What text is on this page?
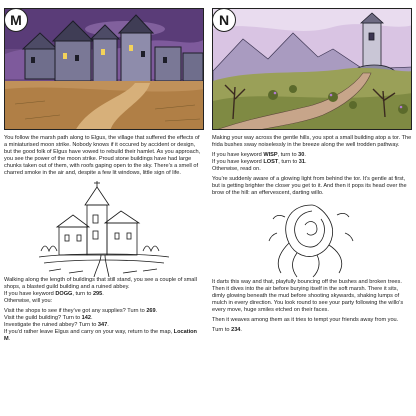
M

You follow the marsh path along to Elgus, the village that suffered the effects of a miniaturised moon strike. Nobody knows if it occured by accident or design, but the good folk of Elgus have vowed to rebuild their hamlet. As you approach, you see the power of the moon strike. Proud stone buildings have had large chunks taken out of them, with roofs gaping open to the sky. There’s a smell of charred smoke in the air and, despite a few lit windows, little sign of life.

Walking along the length of buildings that still stand, you see a couple of small shops, a blasted guild building and a ruined abbey.

If you have keyword DOGG, turn to 295.

Otherwise, will you:

Visit the shops to see if they’ve got any supplies? Turn to 269.

Visit the guild building? Turn to 142.

Investigate the ruined abbey? Turn to 347.

If you’d rather leave Elgus and carry on your way, return to the map, Location M.

N

Making your way across the gentle hills, you spot a small building atop a tor. The frida bushes sway noiselessly in the breeze along the well trodden pathway.

If you have keyword WISP, turn to 30.

If you have keyword LOST, turn to 31.

Otherwise, read on.

You’re suddenly aware of a glowing light from behind the tor. It’s gentle at first, but is getting brighter the closer you get to it. And then it pops its head over the brow of the hill: an effervescent, darting willo.

It darts this way and that, playfully bouncing off the bushes and broken trees. Then it dives into the air before burying itself in the soft marsh. There it sits, dimly glowing beneath the mud before shooting skywards, shaking lumps of mulch in every direction. You look round to see your party following the willo’s every move, huge smiles etched on their faces.

Then it weaves among them as it tries to tempt your friends away from you.

Turn to 234.
